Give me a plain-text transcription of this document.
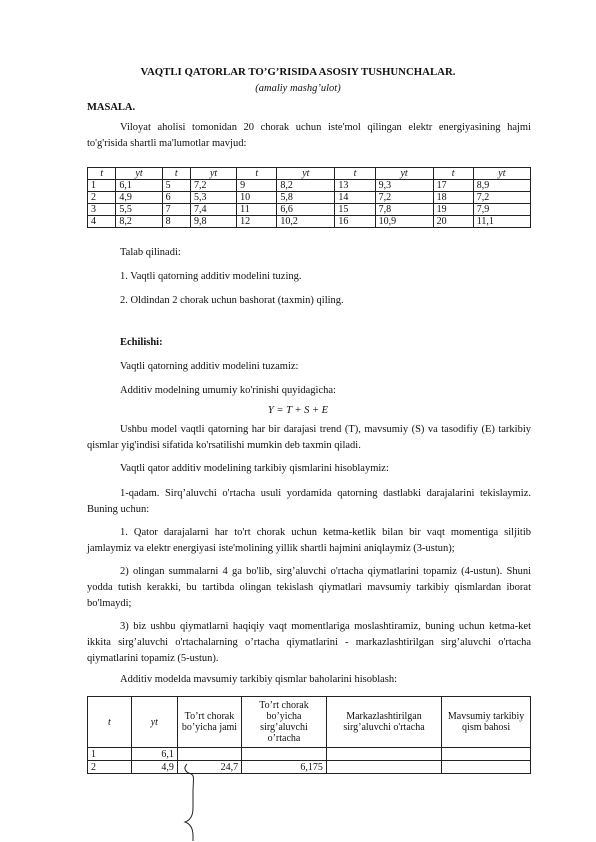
VAQTLI QATORLAR TO’G’RISIDA ASOSIY TUSHUNCHALAR.
(amaliy mashg’ulot)
MASALA.
Viloyat aholisi tomonidan 20 chorak uchun iste'mol qilingan elektr energiyasining hajmi to'g'risida shartli ma'lumotlar mavjud:
t	yt	t	yt	t	yt	t	yt	t	yt
1	6,1	5	7,2	9	8,2	13	9,3	17	8,9
2	4,9	6	5,3	10	5,8	14	7,2	18	7,2
3	5,5	7	7,4	11	6,6	15	7,8	19	7,9
4	8,2	8	9,8	12	10,2	16	10,9	20	11,1
Talab qilinadi:
1. Vaqtli qatorning additiv modelini tuzing.
2. Oldindan 2 chorak uchun bashorat (taxmin) qiling.
Echilishi:
Vaqtli qatorning additiv modelini tuzamiz:
Additiv modelning umumiy ko'rinishi quyidagicha:
Y = T + S + E
Ushbu model vaqtli qatorning har bir darajasi trend (T), mavsumiy (S) va tasodifiy (E) tarkibiy qismlar yig'indisi sifatida ko'rsatilishi mumkin deb taxmin qiladi.
Vaqtli qator additiv modelining tarkibiy qismlarini hisoblaymiz:
1-qadam. Sirq’aluvchi o'rtacha usuli yordamida qatorning dastlabki darajalarini tekislaymiz. Buning uchun:
1. Qator darajalarni har to'rt chorak uchun ketma-ketlik bilan bir vaqt momentiga siljitib jamlaymiz va elektr energiyasi iste'molining yillik shartli hajmini aniqlaymiz (3-ustun);
2) olingan summalarni 4 ga bo'lib, sirg’aluvchi o'rtacha qiymatlarini topamiz (4-ustun). Shuni yodda tutish kerakki, bu tartibda olingan tekislash qiymatlari mavsumiy tarkibiy qismlardan iborat bo'lmaydi;
3) biz ushbu qiymatlarni haqiqiy vaqt momentlariga moslashtiramiz, buning uchun ketma-ket ikkita sirg’aluvchi o'rtachalarning o’rtacha qiymatlarini - markazlashtirilgan sirg’aluvchi o'rtacha qiymatlarini topamiz (5-ustun).
Additiv modelda mavsumiy tarkibiy qismlar baholarini hisoblash:
t	yt	To’rt chorak bo’yicha jami	To’rt chorak bo’yicha sirg’aluvchi o’rtacha	Markazlashtirilgan sirg’aluvchi o'rtacha	Mavsumiy tarkibiy qism bahosi
1	6,1				
2	4,9	24,7	6,175		
